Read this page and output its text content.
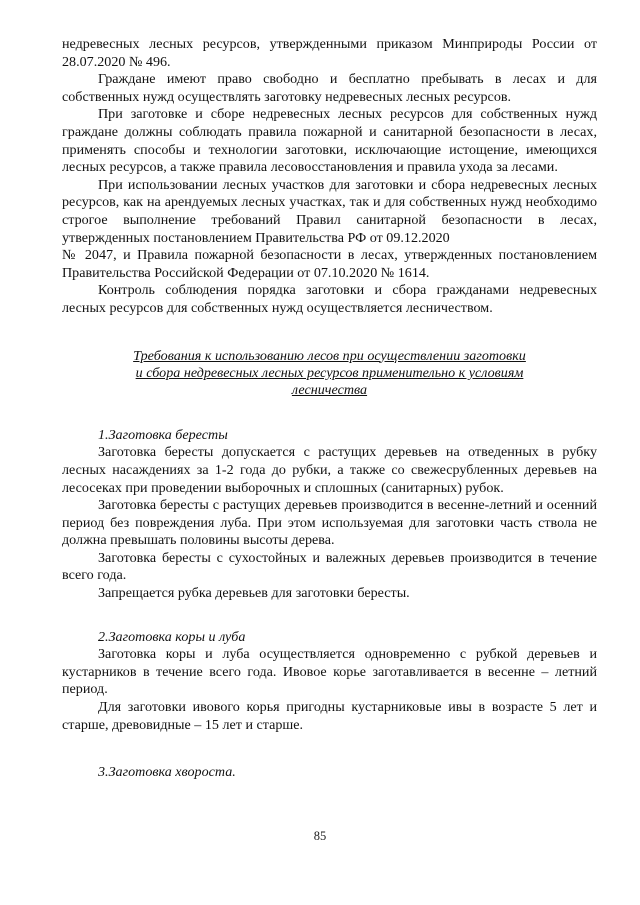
недревесных лесных ресурсов, утвержденными приказом Минприроды России от 28.07.2020 № 496.

Граждане имеют право свободно и бесплатно пребывать в лесах и для собственных нужд осуществлять заготовку недревесных лесных ресурсов.

При заготовке и сборе недревесных лесных ресурсов для собственных нужд граждане должны соблюдать правила пожарной и санитарной безопасности в лесах, применять способы и технологии заготовки, исключающие истощение, имеющихся лесных ресурсов, а также правила лесовосстановления и правила ухода за лесами.

При использовании лесных участков для заготовки и сбора недревесных лесных ресурсов, как на арендуемых лесных участках, так и для собственных нужд необходимо строгое выполнение требований Правил санитарной безопасности в лесах, утвержденных постановлением Правительства РФ от 09.12.2020

№ 2047, и Правила пожарной безопасности в лесах, утвержденных постановлением Правительства Российской Федерации от 07.10.2020 № 1614.

Контроль соблюдения порядка заготовки и сбора гражданами недревесных лесных ресурсов для собственных нужд осуществляется лесничеством.

Требования к использованию лесов при осуществлении заготовки
и сбора недревесных лесных ресурсов применительно к условиям
лесничества

1.Заготовка бересты

Заготовка бересты допускается с растущих деревьев на отведенных в рубку лесных насаждениях за 1-2 года до рубки, а также со свежесрубленных деревьев на лесосеках при проведении выборочных и сплошных (санитарных) рубок.

Заготовка бересты с растущих деревьев производится в весенне-летний и осенний период без повреждения луба. При этом используемая для заготовки часть ствола не должна превышать половины высоты дерева.

Заготовка бересты с сухостойных и валежных деревьев производится в течение всего года.

Запрещается рубка деревьев для заготовки бересты.

2.Заготовка коры и луба

Заготовка коры и луба осуществляется одновременно с рубкой деревьев и кустарников в течение всего года. Ивовое корье заготавливается в весенне – летний период.

Для заготовки ивового корья пригодны кустарниковые ивы в возрасте 5 лет и старше, древовидные – 15 лет и старше.

3.Заготовка хвороста.

85
